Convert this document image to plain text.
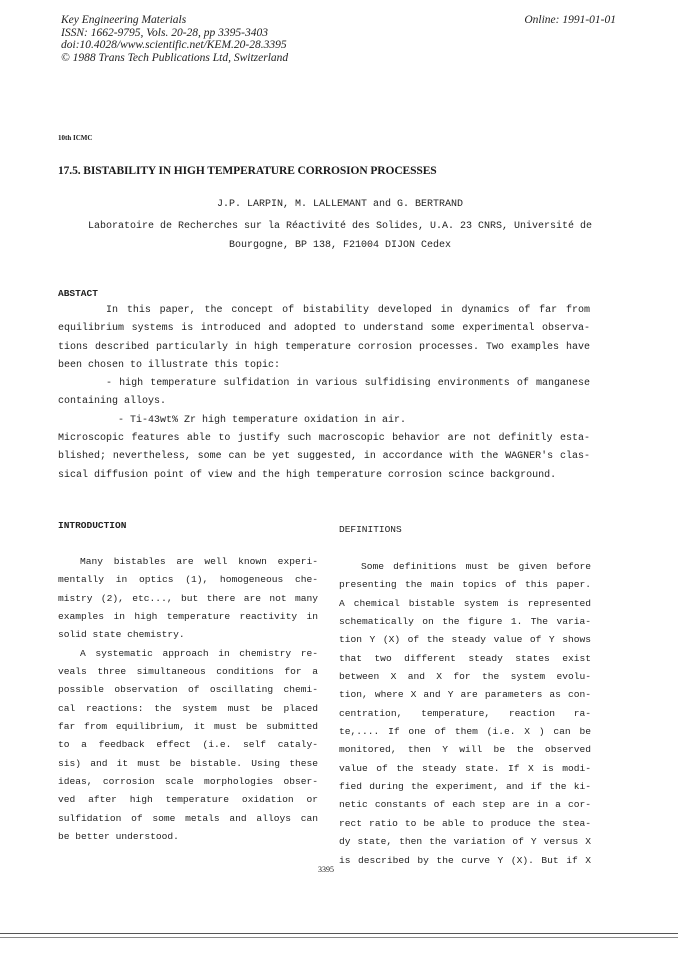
Key Engineering Materials
ISSN: 1662-9795, Vols. 20-28, pp 3395-3403
doi:10.4028/www.scientific.net/KEM.20-28.3395
© 1988 Trans Tech Publications Ltd, Switzerland
Online: 1991-01-01
10th ICMC
17.5. BISTABILITY IN HIGH TEMPERATURE CORROSION PROCESSES
J.P. LARPIN, M. LALLEMANT and G. BERTRAND
Laboratoire de Recherches sur la Réactivité des Solides, U.A. 23 CNRS, Université de
Bourgogne, BP 138, F21004 DIJON Cedex
ABSTACT
In this paper, the concept of bistability developed in dynamics of far from
equilibrium systems is introduced and adopted to understand some experimental observa-
tions described particularly in high temperature corrosion processes. Two examples have
been chosen to illustrate this topic:
- high temperature sulfidation in various sulfidising environments of manganese
containing alloys.
- Ti-43wt% Zr high temperature oxidation in air.
Microscopic features able to justify such macroscopic behavior are not definitly esta-
blished; nevertheless, some can be yet suggested, in accordance with the WAGNER's clas-
sical diffusion point of view and the high temperature corrosion scince background.
INTRODUCTION
Many bistables are well known experi-
mentally in optics (1), homogeneous che-
mistry (2), etc..., but there are not many
examples in high temperature reactivity in
solid state chemistry.
A systematic approach in chemistry re-
veals three simultaneous conditions for a
possible observation of oscillating chemi-
cal reactions: the system must be placed
far from equilibrium, it must be submitted
to a feedback effect (i.e. self cataly-
sis) and it must be bistable. Using these
ideas, corrosion scale morphologies obser-
ved after high temperature oxidation or
sulfidation of some metals and alloys can
be better understood.
DEFINITIONS
Some definitions must be given before
presenting the main topics of this paper.
A chemical bistable system is represented
schematically on the figure 1. The varia-
tion Y (X) of the steady value of Y shows
that two different steady states exist
between X and X for the system evolu-
tion, where X and Y are parameters as con-
centration, temperature, reaction ra-
te,.... If one of them (i.e. X ) can be
monitored, then Y will be the observed
value of the steady state. If X is modi-
fied during the experiment, and if the ki-
netic constants of each step are in a cor-
rect ratio to be able to produce the stea-
dy state, then the variation of Y versus X
is described by the curve Y (X). But if X
3395
